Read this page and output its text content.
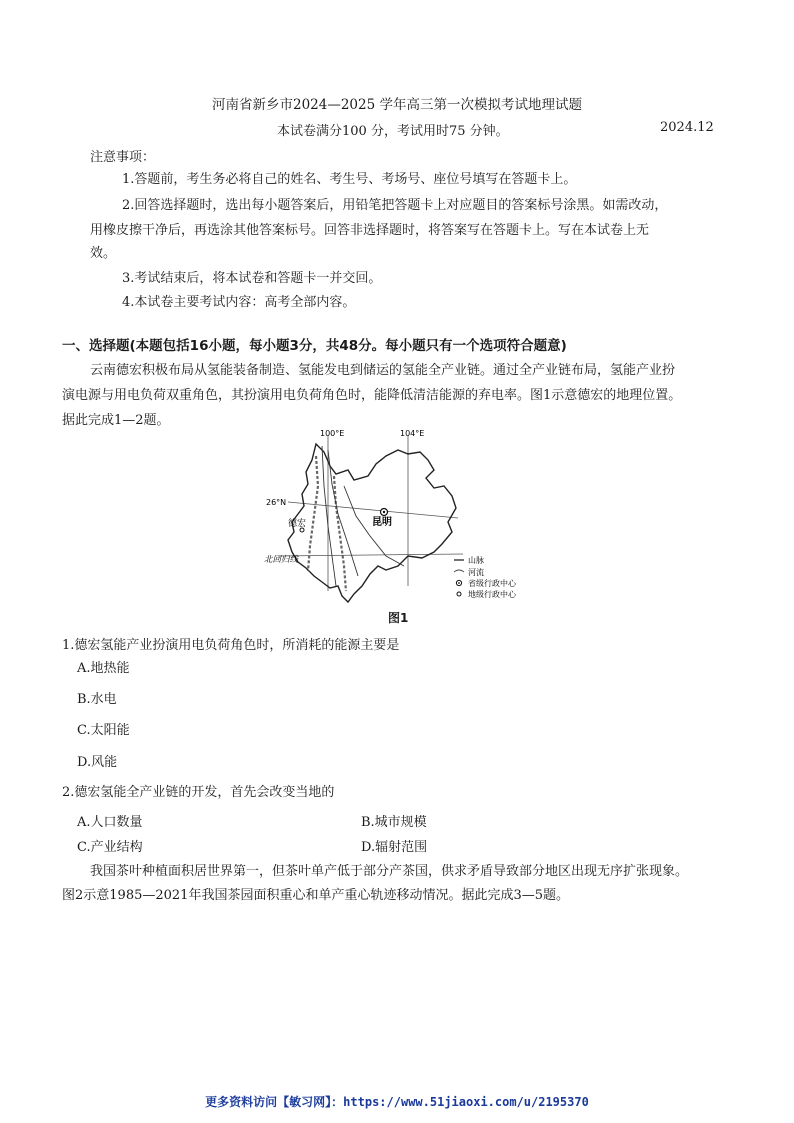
河南省新乡市2024—2025 学年高三第一次模拟考试地理试题
本试卷满分100 分，考试用时75 分钟。	2024.12
注意事项：
1.答题前，考生务必将自己的姓名、考生号、考场号、座位号填写在答题卡上。
2.回答选择题时，选出每小题答案后，用铅笔把答题卡上对应题目的答案标号涂黑。如需改动，
用橡皮擦干净后，再选涂其他答案标号。回答非选择题时，将答案写在答题卡上。写在本试卷上无
效。
3.考试结束后，将本试卷和答题卡一并交回。
4.本试卷主要考试内容：高考全部内容。
一、选择题(本题包括16小题，每小题3分，共48分。每小题只有一个选项符合题意)
云南德宏积极布局从氢能装备制造、氢能发电到储运的氢能全产业链。通过全产业链布局，氢能产业扮
演电源与用电负荷双重角色，其扮演用电负荷角色时，能降低清洁能源的弃电率。图1示意德宏的地理位置。
据此完成1—2题。
100°E	104°E
26°N
德宏	昆明
北回归线	山脉
河流
省级行政中心
地级行政中心
图1
1.德宏氢能产业扮演用电负荷角色时，所消耗的能源主要是
A.地热能
B.水电
C.太阳能
D.风能
2.德宏氢能全产业链的开发，首先会改变当地的
A.人口数量	B.城市规模
C.产业结构	D.辐射范围
我国茶叶种植面积居世界第一，但茶叶单产低于部分产茶国，供求矛盾导致部分地区出现无序扩张现象。
图2示意1985—2021年我国茶园面积重心和单产重心轨迹移动情况。据此完成3—5题。
更多资料访问【敏习网】：https://www.51jiaoxi.com/u/2195370
